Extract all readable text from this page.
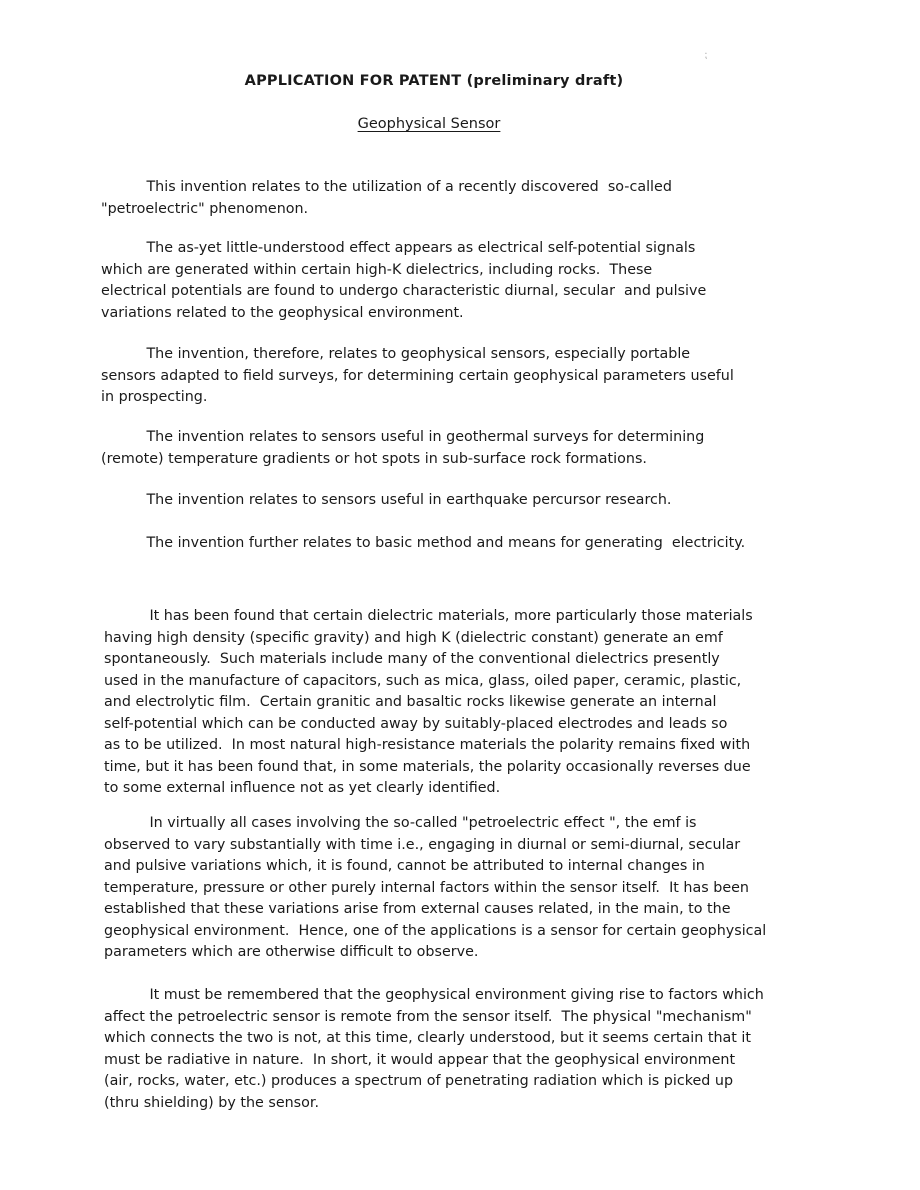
⁏
APPLICATION FOR PATENT (preliminary draft)
Geophysical Sensor

This invention relates to the utilization of a recently discovered  so-called
"petroelectric" phenomenon.

The as-yet little-understood effect appears as electrical self-potential signals
which are generated within certain high-K dielectrics, including rocks.  These
electrical potentials are found to undergo characteristic diurnal, secular  and pulsive
variations related to the geophysical environment.

The invention, therefore, relates to geophysical sensors, especially portable
sensors adapted to field surveys, for determining certain geophysical parameters useful
in prospecting.

The invention relates to sensors useful in geothermal surveys for determining
(remote) temperature gradients or hot spots in sub-surface rock formations.

The invention relates to sensors useful in earthquake percursor research.

The invention further relates to basic method and means for generating  electricity.

It has been found that certain dielectric materials, more particularly those materials
having high density (specific gravity) and high K (dielectric constant) generate an emf
spontaneously.  Such materials include many of the conventional dielectrics presently
used in the manufacture of capacitors, such as mica, glass, oiled paper, ceramic, plastic,
and electrolytic film.  Certain granitic and basaltic rocks likewise generate an internal
self-potential which can be conducted away by suitably-placed electrodes and leads so
as to be utilized.  In most natural high-resistance materials the polarity remains fixed with
time, but it has been found that, in some materials, the polarity occasionally reverses due
to some external influence not as yet clearly identified.

In virtually all cases involving the so-called "petroelectric effect ", the emf is
observed to vary substantially with time i.e., engaging in diurnal or semi-diurnal, secular
and pulsive variations which, it is found, cannot be attributed to internal changes in
temperature, pressure or other purely internal factors within the sensor itself.  It has been
established that these variations arise from external causes related, in the main, to the
geophysical environment.  Hence, one of the applications is a sensor for certain geophysical
parameters which are otherwise difficult to observe.

It must be remembered that the geophysical environment giving rise to factors which
affect the petroelectric sensor is remote from the sensor itself.  The physical "mechanism"
which connects the two is not, at this time, clearly understood, but it seems certain that it
must be radiative in nature.  In short, it would appear that the geophysical environment
(air, rocks, water, etc.) produces a spectrum of penetrating radiation which is picked up
(thru shielding) by the sensor.
